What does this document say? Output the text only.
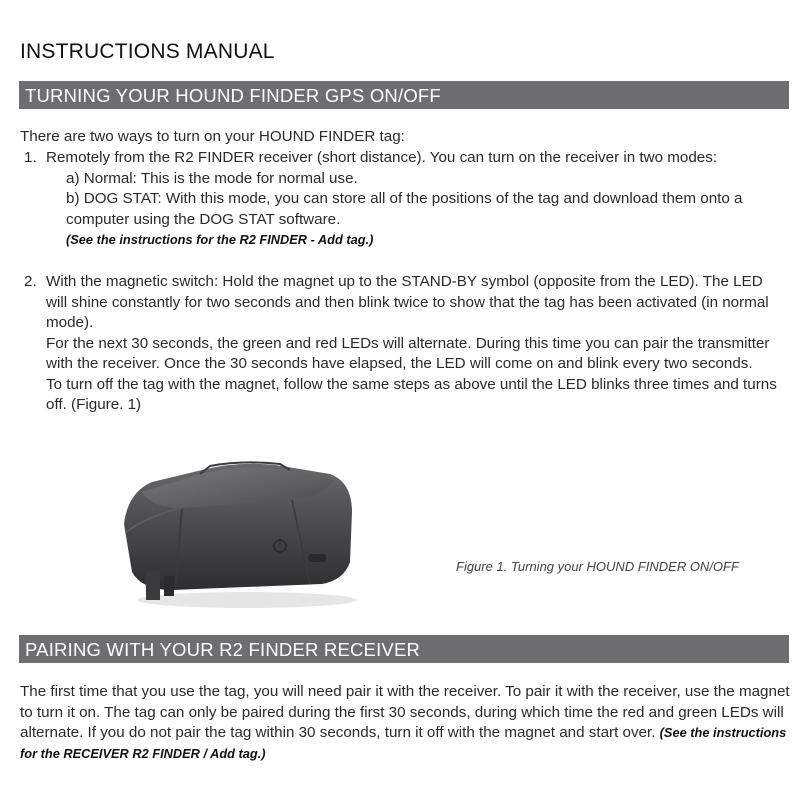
INSTRUCTIONS MANUAL
TURNING YOUR HOUND FINDER GPS ON/OFF
There are two ways to turn on your HOUND FINDER tag:
1. Remotely from the R2 FINDER receiver (short distance). You can turn on the receiver in two modes:
a) Normal: This is the mode for normal use.
b) DOG STAT: With this mode, you can store all of the positions of the tag and download them onto a computer using the DOG STAT software.
(See the instructions for the R2 FINDER - Add tag.)
2. With the magnetic switch: Hold the magnet up to the STAND-BY symbol (opposite from the LED). The LED will shine constantly for two seconds and then blink twice to show that the tag has been activated (in normal mode).
For the next 30 seconds, the green and red LEDs will alternate. During this time you can pair the transmitter with the receiver. Once the 30 seconds have elapsed, the LED will come on and blink every two seconds.
To turn off the tag with the magnet, follow the same steps as above until the LED blinks three times and turns off. (Figure. 1)
Figure 1. Turning your HOUND FINDER ON/OFF
PAIRING WITH YOUR R2 FINDER RECEIVER
The first time that you use the tag, you will need pair it with the receiver. To pair it with the receiver, use the magnet to turn it on. The tag can only be paired during the first 30 seconds, during which time the red and green LEDs will alternate. If you do not pair the tag within 30 seconds, turn it off with the magnet and start over. (See the instructions for the RECEIVER R2 FINDER / Add tag.)
